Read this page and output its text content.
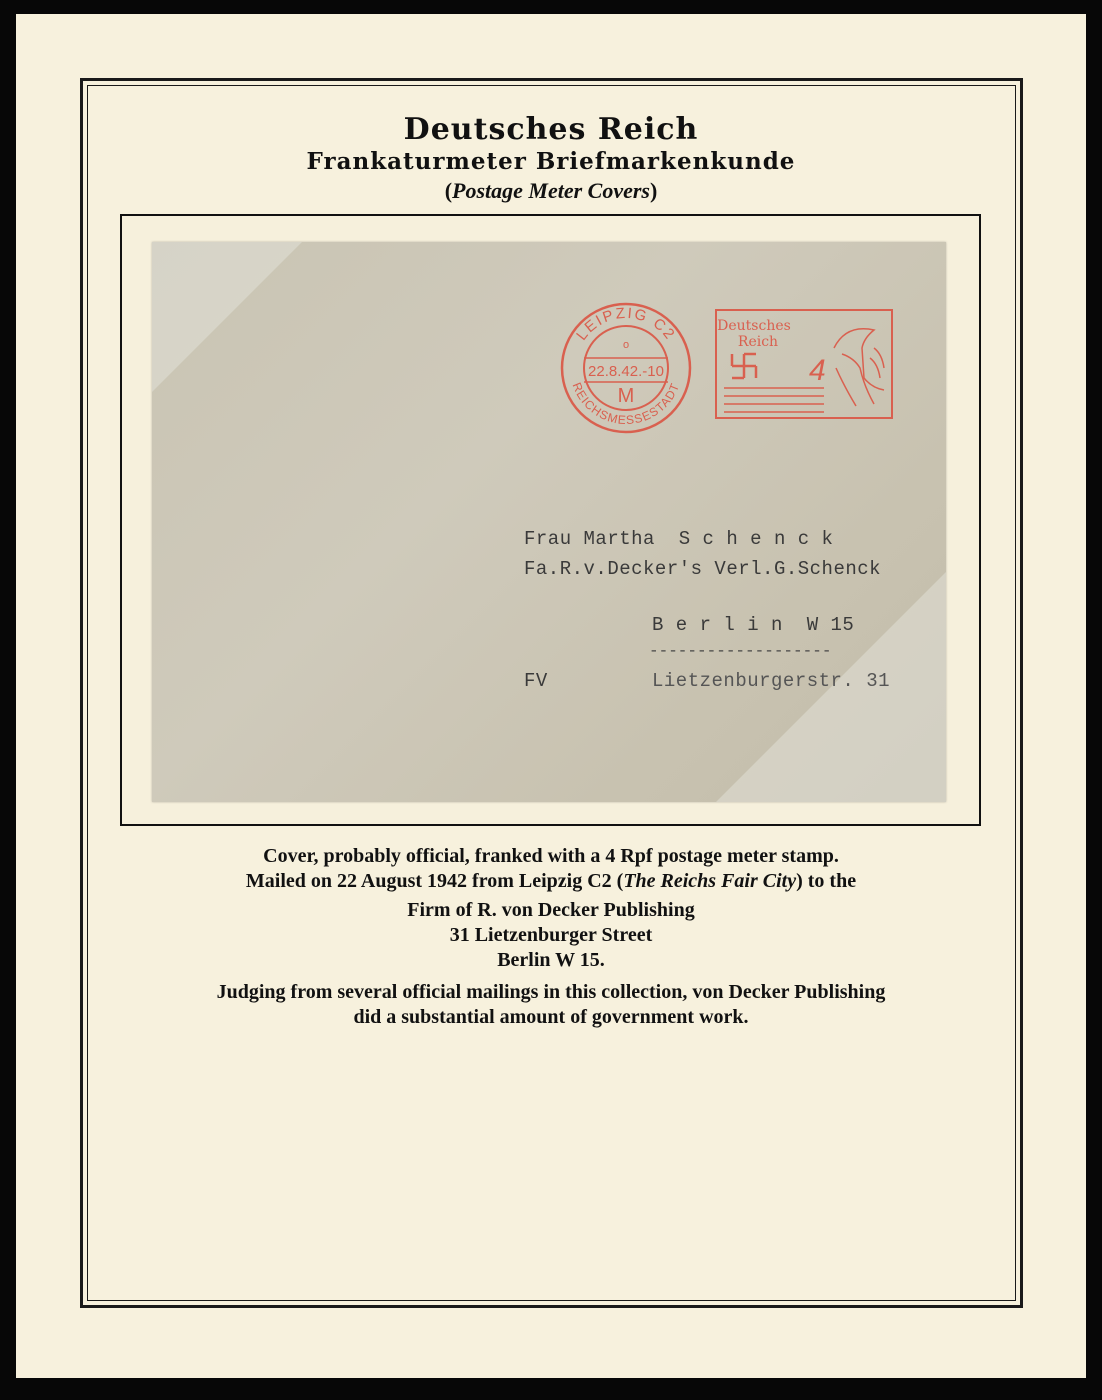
Deutsches Reich
Frankaturmeter Briefmarkenkunde
(Postage Meter Covers)
LEIPZIG C2
REICHSMESSESTADT
o
22.8.42.-10
M
Deutsches
Reich
4
Frau Martha  S c h e n c k
Fa.R.v.Decker's Verl.G.Schenck
B e r l i n  W 15
-------------------
FV	Lietzenburgerstr. 31
Cover, probably official, franked with a 4 Rpf postage meter stamp.
Mailed on 22 August 1942 from Leipzig C2 (The Reichs Fair City) to the
Firm of R. von Decker Publishing
31 Lietzenburger Street
Berlin W 15.
Judging from several official mailings in this collection, von Decker Publishing
did a substantial amount of government work.
